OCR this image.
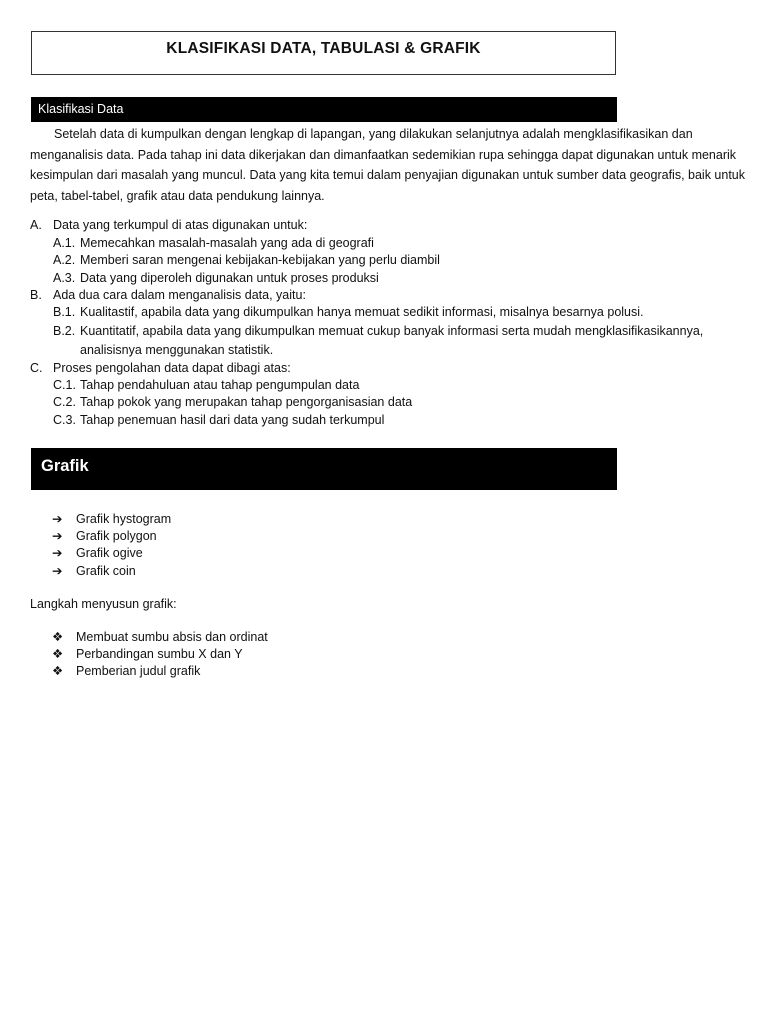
KLASIFIKASI DATA, TABULASI & GRAFIK
Klasifikasi Data
Setelah data di kumpulkan dengan lengkap di lapangan, yang dilakukan selanjutnya adalah mengklasifikasikan dan menganalisis data. Pada tahap ini data dikerjakan dan dimanfaatkan sedemikian rupa sehingga dapat digunakan untuk menarik kesimpulan dari masalah yang muncul. Data yang kita temui dalam penyajian digunakan untuk sumber data geografis, baik untuk peta, tabel-tabel, grafik atau data pendukung lainnya.
A. Data yang terkumpul di atas digunakan untuk:
A.1. Memecahkan masalah-masalah yang ada di geografi
A.2. Memberi saran mengenai kebijakan-kebijakan yang perlu diambil
A.3. Data yang diperoleh digunakan untuk proses produksi
B. Ada dua cara dalam menganalisis data, yaitu:
B.1. Kualitastif, apabila data yang dikumpulkan hanya memuat sedikit informasi, misalnya besarnya polusi.
B.2. Kuantitatif, apabila data yang dikumpulkan memuat cukup banyak informasi serta mudah mengklasifikasikannya,
analisisnya menggunakan statistik.
C. Proses pengolahan data dapat dibagi atas:
C.1. Tahap pendahuluan atau tahap pengumpulan data
C.2. Tahap pokok yang merupakan tahap pengorganisasian data
C.3. Tahap penemuan hasil dari data yang sudah terkumpul
Grafik
➔ Grafik hystogram
➔ Grafik polygon
➔ Grafik ogive
➔ Grafik coin
Langkah menyusun grafik:
❖ Membuat sumbu absis dan ordinat
❖ Perbandingan sumbu X dan Y
❖ Pemberian judul grafik
